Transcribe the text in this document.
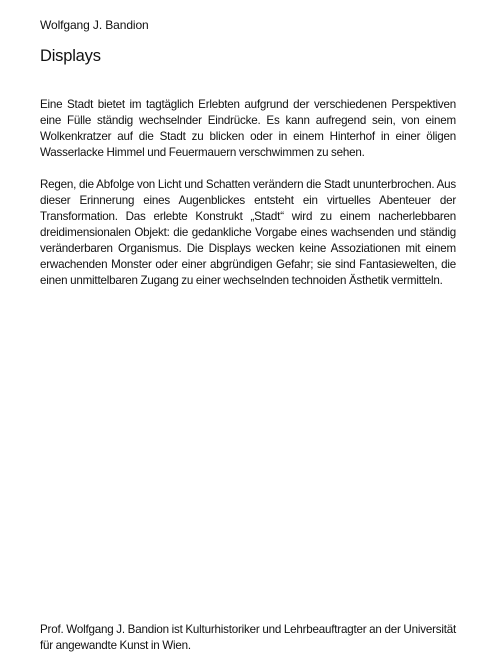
Wolfgang J. Bandion
Displays

Eine Stadt bietet im tagtäglich Erlebten aufgrund der verschiedenen Perspektiven eine Fülle ständig wechselnder Eindrücke. Es kann aufregend sein, von einem Wolkenkratzer auf die Stadt zu blicken oder in einem Hinterhof in einer öligen Wasserlacke Himmel und Feuermauern verschwimmen zu sehen.

Regen, die Abfolge von Licht und Schatten verändern die Stadt ununterbrochen. Aus dieser Erinnerung eines Augenblickes entsteht ein virtuelles Abenteuer der Transformation. Das erlebte Konstrukt „Stadt“ wird zu einem nacherlebbaren dreidimensionalen Objekt: die gedankliche Vorgabe eines wachsenden und ständig veränderbaren Organismus. Die Displays wecken keine Assoziationen mit einem erwachenden Monster oder einer abgründigen Gefahr; sie sind Fantasiewelten, die einen unmittelbaren Zugang zu einer wechselnden technoiden Ästhetik vermitteln.

Prof. Wolfgang J. Bandion ist Kulturhistoriker und Lehrbeauftragter an der Universität für angewandte Kunst in Wien.
